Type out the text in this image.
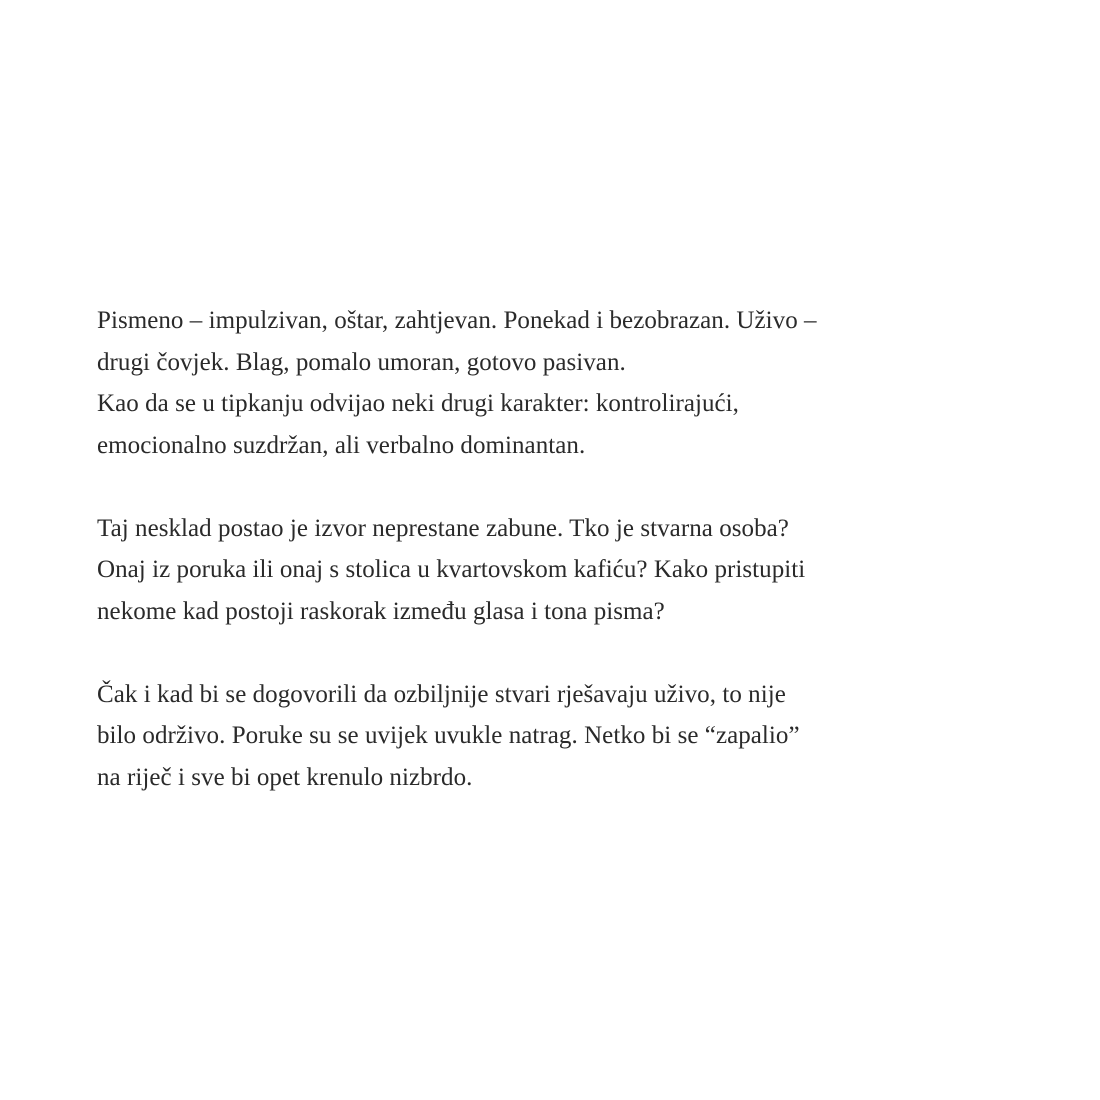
Pismeno – impulzivan, oštar, zahtjevan. Ponekad i bezobrazan. Uživo –
drugi čovjek. Blag, pomalo umoran, gotovo pasivan.
Kao da se u tipkanju odvijao neki drugi karakter: kontrolirajući,
emocionalno suzdržan, ali verbalno dominantan.

Taj nesklad postao je izvor neprestane zabune. Tko je stvarna osoba?
Onaj iz poruka ili onaj s stolica u kvartovskom kafiću? Kako pristupiti
nekome kad postoji raskorak između glasa i tona pisma?

Čak i kad bi se dogovorili da ozbiljnije stvari rješavaju uživo, to nije
bilo održivo. Poruke su se uvijek uvukle natrag. Netko bi se “zapalio”
na riječ i sve bi opet krenulo nizbrdo.
